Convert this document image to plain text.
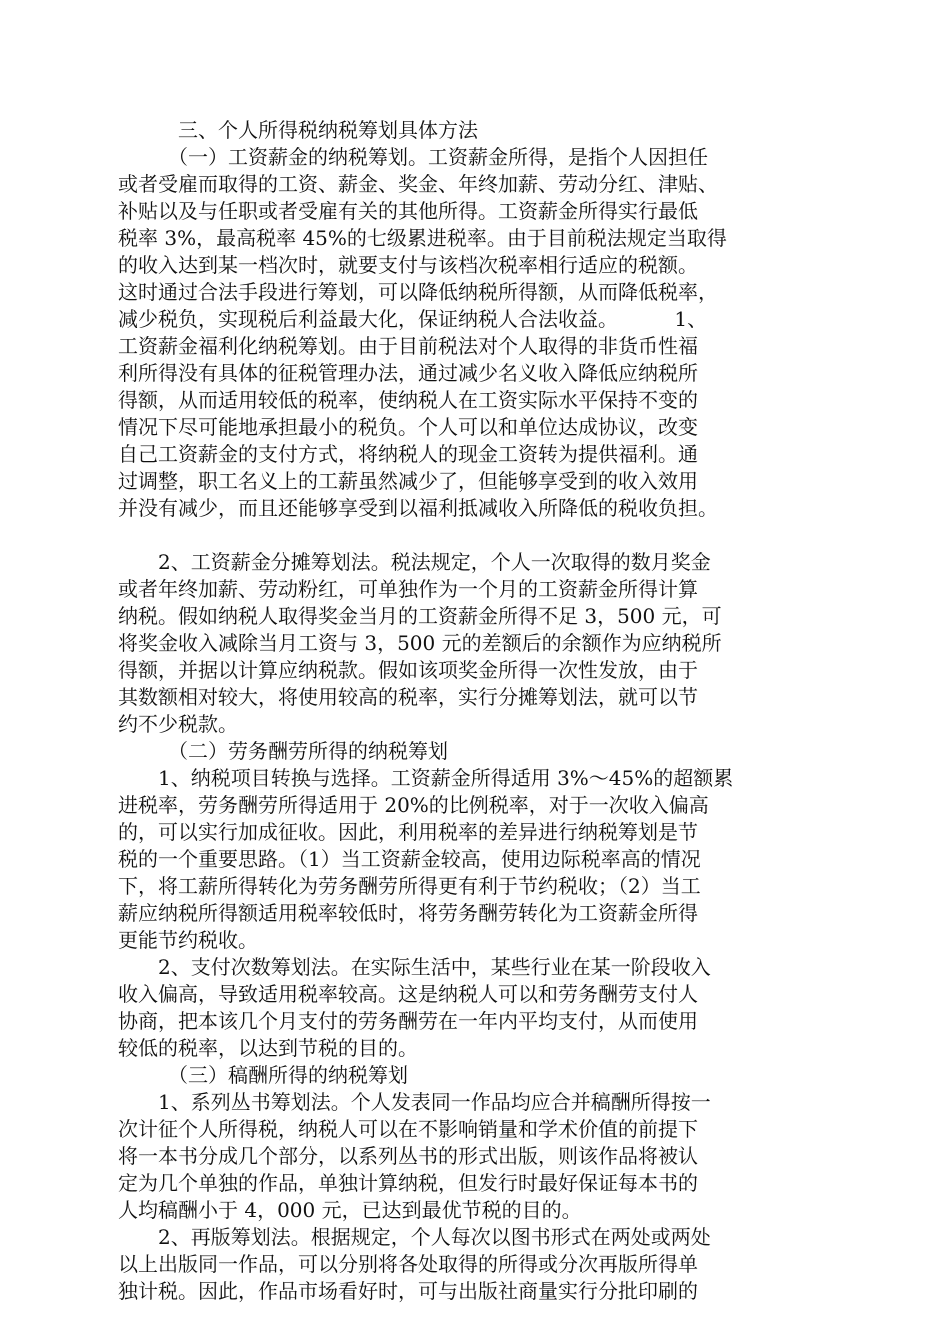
　　　三、个人所得税纳税筹划具体方法
　　　（一）工资薪金的纳税筹划。工资薪金所得，是指个人因担任
或者受雇而取得的工资、薪金、奖金、年终加薪、劳动分红、津贴、
补贴以及与任职或者受雇有关的其他所得。工资薪金所得实行最低
税率 3%，最高税率 45%的七级累进税率。由于目前税法规定当取得
的收入达到某一档次时，就要支付与该档次税率相行适应的税额。
这时通过合法手段进行筹划，可以降低纳税所得额，从而降低税率，
减少税负，实现税后利益最大化，保证纳税人合法收益。　　　 1、
工资薪金福利化纳税筹划。由于目前税法对个人取得的非货币性福
利所得没有具体的征税管理办法，通过减少名义收入降低应纳税所
得额，从而适用较低的税率，使纳税人在工资实际水平保持不变的
情况下尽可能地承担最小的税负。个人可以和单位达成协议，改变
自己工资薪金的支付方式，将纳税人的现金工资转为提供福利。通
过调整，职工名义上的工薪虽然减少了，但能够享受到的收入效用
并没有减少，而且还能够享受到以福利抵减收入所降低的税收负担。
　　2、工资薪金分摊筹划法。税法规定，个人一次取得的数月奖金
或者年终加薪、劳动粉红，可单独作为一个月的工资薪金所得计算
纳税。假如纳税人取得奖金当月的工资薪金所得不足 3，500 元，可
将奖金收入减除当月工资与 3，500 元的差额后的余额作为应纳税所
得额，并据以计算应纳税款。假如该项奖金所得一次性发放，由于
其数额相对较大，将使用较高的税率，实行分摊筹划法，就可以节
约不少税款。
　　　（二）劳务酬劳所得的纳税筹划
　　1、纳税项目转换与选择。工资薪金所得适用 3%～45%的超额累
进税率，劳务酬劳所得适用于 20%的比例税率，对于一次收入偏高
的，可以实行加成征收。因此，利用税率的差异进行纳税筹划是节
税的一个重要思路。（1）当工资薪金较高，使用边际税率高的情况
下，将工薪所得转化为劳务酬劳所得更有利于节约税收；（2）当工
薪应纳税所得额适用税率较低时，将劳务酬劳转化为工资薪金所得
更能节约税收。
　　2、支付次数筹划法。在实际生活中，某些行业在某一阶段收入
收入偏高，导致适用税率较高。这是纳税人可以和劳务酬劳支付人
协商，把本该几个月支付的劳务酬劳在一年内平均支付，从而使用
较低的税率，以达到节税的目的。
　　　（三）稿酬所得的纳税筹划
　　1、系列丛书筹划法。个人发表同一作品均应合并稿酬所得按一
次计征个人所得税，纳税人可以在不影响销量和学术价值的前提下
将一本书分成几个部分，以系列丛书的形式出版，则该作品将被认
定为几个单独的作品，单独计算纳税，但发行时最好保证每本书的
人均稿酬小于 4，000 元，已达到最优节税的目的。
　　2、再版筹划法。根据规定，个人每次以图书形式在两处或两处
以上出版同一作品，可以分别将各处取得的所得或分次再版所得单
独计税。因此，作品市场看好时，可与出版社商量实行分批印刷的
